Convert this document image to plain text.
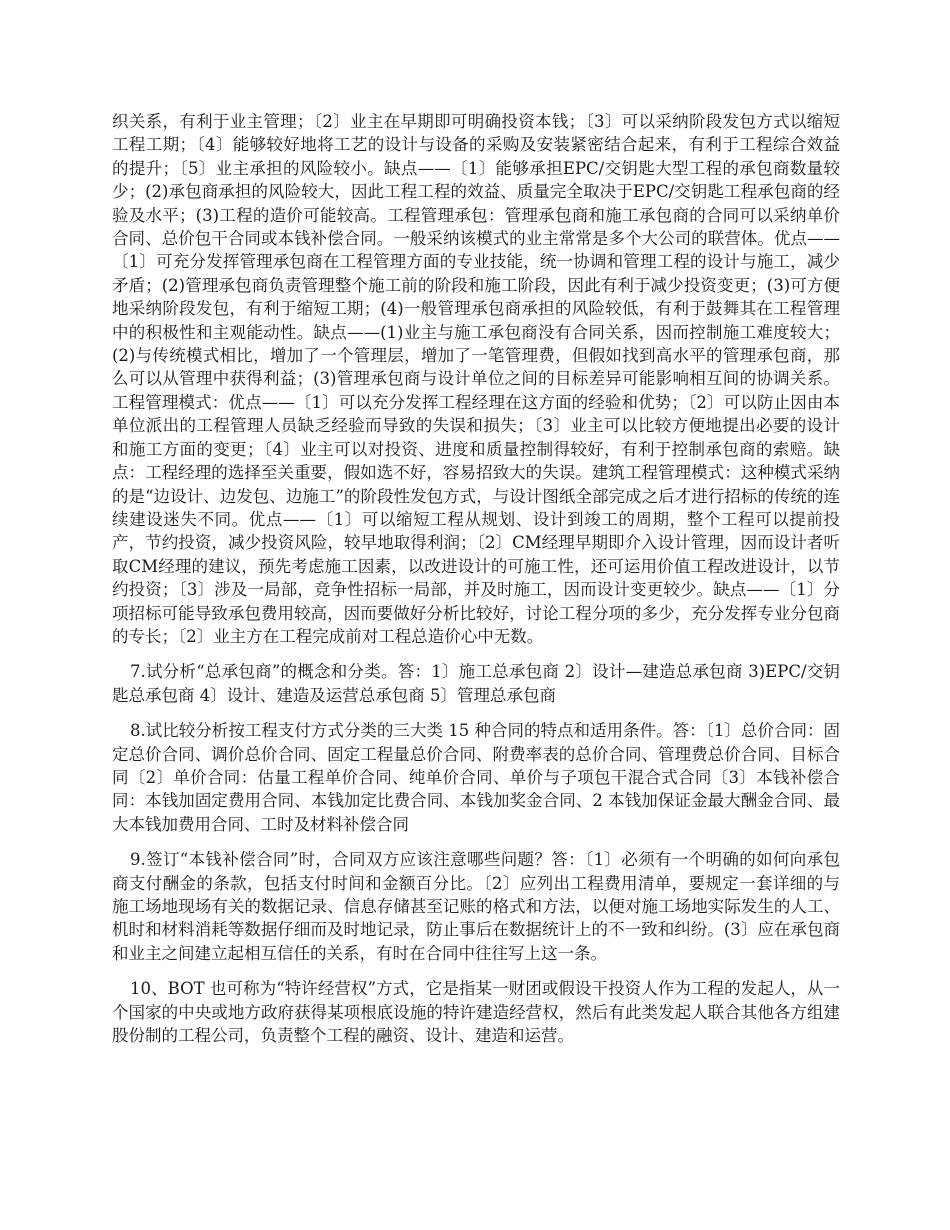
织关系，有利于业主管理；〔2〕业主在早期即可明确投资本钱；〔3〕可以采纳阶段发包方式以缩短工程工期；〔4〕能够较好地将工艺的设计与设备的采购及安装紧密结合起来，有利于工程综合效益的提升；〔5〕业主承担的风险较小。缺点——〔1〕能够承担EPC/交钥匙大型工程的承包商数量较少；(2)承包商承担的风险较大，因此工程工程的效益、质量完全取决于EPC/交钥匙工程承包商的经验及水平；(3)工程的造价可能较高。工程管理承包：管理承包商和施工承包商的合同可以采纳单价合同、总价包干合同或本钱补偿合同。一般采纳该模式的业主常常是多个大公司的联营体。优点——〔1〕可充分发挥管理承包商在工程管理方面的专业技能，统一协调和管理工程的设计与施工，减少矛盾；(2)管理承包商负责管理整个施工前的阶段和施工阶段，因此有利于减少投资变更；(3)可方便地采纳阶段发包，有利于缩短工期；(4)一般管理承包商承担的风险较低，有利于鼓舞其在工程管理中的积极性和主观能动性。缺点——(1)业主与施工承包商没有合同关系，因而控制施工难度较大；(2)与传统模式相比，增加了一个管理层，增加了一笔管理费，但假如找到高水平的管理承包商，那么可以从管理中获得利益；(3)管理承包商与设计单位之间的目标差异可能影响相互间的协调关系。工程管理模式：优点——〔1〕可以充分发挥工程经理在这方面的经验和优势；〔2〕可以防止因由本单位派出的工程管理人员缺乏经验而导致的失误和损失；〔3〕业主可以比较方便地提出必要的设计和施工方面的变更；〔4〕业主可以对投资、进度和质量控制得较好，有利于控制承包商的索赔。缺点：工程经理的选择至关重要，假如选不好，容易招致大的失误。建筑工程管理模式：这种模式采纳的是“边设计、边发包、边施工”的阶段性发包方式，与设计图纸全部完成之后才进行招标的传统的连续建设迷失不同。优点——〔1〕可以缩短工程从规划、设计到竣工的周期，整个工程可以提前投产，节约投资，减少投资风险，较早地取得利润；〔2〕CM经理早期即介入设计管理，因而设计者听取CM经理的建议，预先考虑施工因素，以改进设计的可施工性，还可运用价值工程改进设计，以节约投资；〔3〕涉及一局部，竞争性招标一局部，并及时施工，因而设计变更较少。缺点——〔1〕分项招标可能导致承包费用较高，因而要做好分析比较好，讨论工程分项的多少，充分发挥专业分包商的专长；〔2〕业主方在工程完成前对工程总造价心中无数。

7.试分析“总承包商”的概念和分类。答：1〕施工总承包商 2〕设计—建造总承包商 3)EPC/交钥匙总承包商 4〕设计、建造及运营总承包商 5〕管理总承包商

8.试比较分析按工程支付方式分类的三大类 15 种合同的特点和适用条件。答：〔1〕总价合同：固定总价合同、调价总价合同、固定工程量总价合同、附费率表的总价合同、管理费总价合同、目标合同〔2〕单价合同：估量工程单价合同、纯单价合同、单价与子项包干混合式合同〔3〕本钱补偿合同：本钱加固定费用合同、本钱加定比费合同、本钱加奖金合同、2 本钱加保证金最大酬金合同、最大本钱加费用合同、工时及材料补偿合同

9.签订“本钱补偿合同”时，合同双方应该注意哪些问题？答：〔1〕必须有一个明确的如何向承包商支付酬金的条款，包括支付时间和金额百分比。〔2〕应列出工程费用清单，要规定一套详细的与施工场地现场有关的数据记录、信息存储甚至记账的格式和方法，以便对施工场地实际发生的人工、机时和材料消耗等数据仔细而及时地记录，防止事后在数据统计上的不一致和纠纷。(3〕应在承包商和业主之间建立起相互信任的关系，有时在合同中往往写上这一条。

10、BOT 也可称为“特许经营权”方式，它是指某一财团或假设干投资人作为工程的发起人，从一个国家的中央或地方政府获得某项根底设施的特许建造经营权，然后有此类发起人联合其他各方组建股份制的工程公司，负责整个工程的融资、设计、建造和运营。
